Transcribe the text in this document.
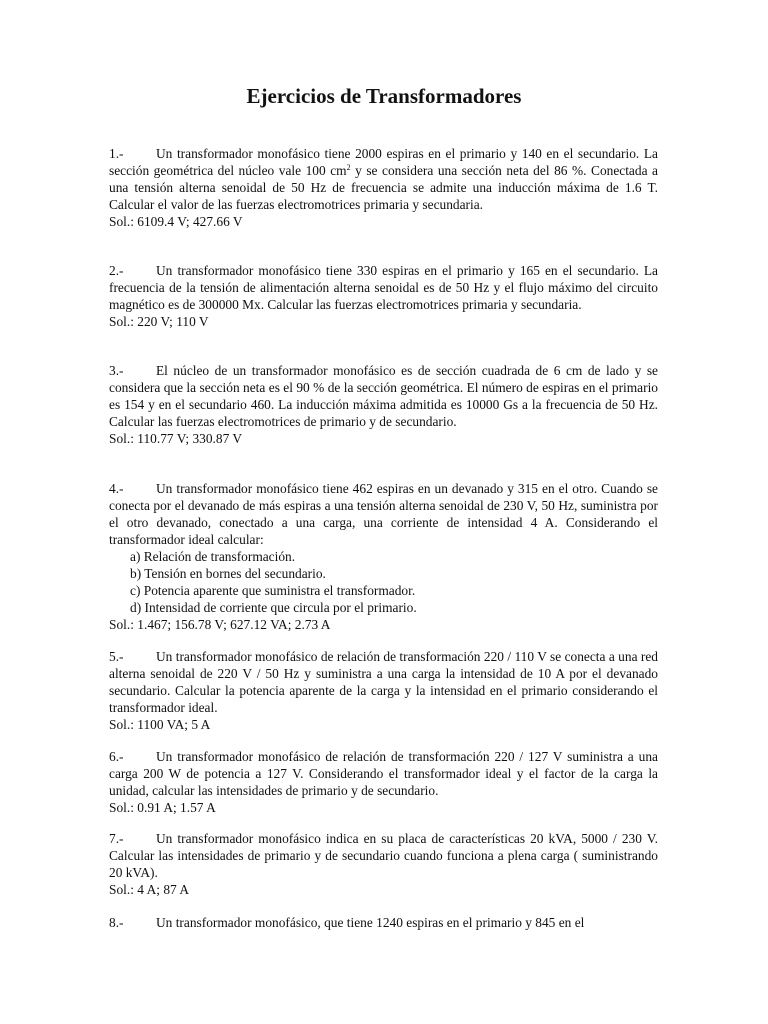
Ejercicios de Transformadores

1.- Un transformador monofásico tiene 2000 espiras en el primario y 140 en el secundario. La sección geométrica del núcleo vale 100 $cm^2$ y se considera una sección neta del 86 %. Conectada a una tensión alterna senoidal de 50 Hz de frecuencia se admite una inducción máxima de 1.6 T. Calcular el valor de las fuerzas electromotrices primaria y secundaria.

Sol.: 6109.4 V; 427.66 V

2.- Un transformador monofásico tiene 330 espiras en el primario y 165 en el secundario. La frecuencia de la tensión de alimentación alterna senoidal es de 50 Hz y el flujo máximo del circuito magnético es de 300000 Mx. Calcular las fuerzas electromotrices primaria y secundaria.

Sol.: 220 V; 110 V

3.- El núcleo de un transformador monofásico es de sección cuadrada de 6 cm de lado y se considera que la sección neta es el 90 % de la sección geométrica. El número de espiras en el primario es 154 y en el secundario 460. La inducción máxima admitida es 10000 Gs a la frecuencia de 50 Hz. Calcular las fuerzas electromotrices de primario y de secundario.

Sol.: 110.77 V; 330.87 V

4.- Un transformador monofásico tiene 462 espiras en un devanado y 315 en el otro. Cuando se conecta por el devanado de más espiras a una tensión alterna senoidal de 230 V, 50 Hz, suministra por el otro devanado, conectado a una carga, una corriente de intensidad 4 A. Considerando el transformador ideal calcular:

a) Relación de transformación.
b) Tensión en bornes del secundario.
c) Potencia aparente que suministra el transformador.
d) Intensidad de corriente que circula por el primario.

Sol.: 1.467; 156.78 V; 627.12 VA; 2.73 A

5.- Un transformador monofásico de relación de transformación 220 / 110 V se conecta a una red alterna senoidal de 220 V / 50 Hz y suministra a una carga la intensidad de 10 A por el devanado secundario. Calcular la potencia aparente de la carga y la intensidad en el primario considerando el transformador ideal.

Sol.: 1100 VA; 5 A

6.- Un transformador monofásico de relación de transformación 220 / 127 V suministra a una carga 200 W de potencia a 127 V. Considerando el transformador ideal y el factor de la carga la unidad, calcular las intensidades de primario y de secundario.

Sol.: 0.91 A; 1.57 A

7.- Un transformador monofásico indica en su placa de características 20 kVA, 5000 / 230 V. Calcular las intensidades de primario y de secundario cuando funciona a plena carga ( suministrando 20 kVA).

Sol.: 4 A; 87 A

8.- Un transformador monofásico, que tiene 1240 espiras en el primario y 845 en el
